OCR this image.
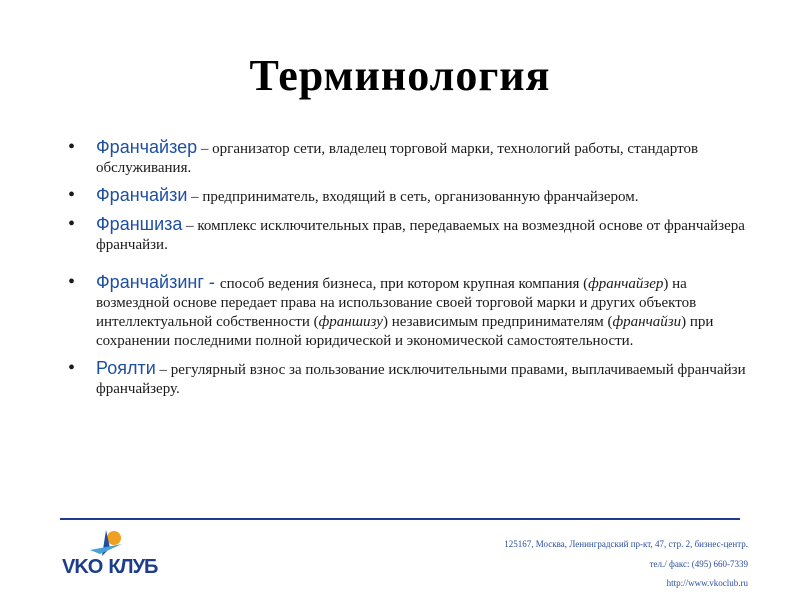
Терминология
• Франчайзер – организатор сети, владелец торговой марки, технологий работы, стандартов обслуживания.
• Франчайзи – предприниматель, входящий в сеть, организованную франчайзером.
• Франшиза – комплекс исключительных прав, передаваемых на возмездной основе от франчайзера франчайзи.
• Франчайзинг - способ ведения бизнеса, при котором крупная компания (франчайзер) на возмездной основе передает права на использование своей торговой марки и других объектов интеллектуальной собственности (франшизу) независимым предпринимателям (франчайзи) при сохранении последними полной юридической и экономической самостоятельности.
• Роялти – регулярный взнос за пользование исключительными правами, выплачиваемый франчайзи франчайзеру.
VKO КЛУБ
125167, Москва, Ленинградский пр-кт, 47, стр. 2, бизнес-центр.
тел./ факс: (495) 660-7339
http://www.vkoclub.ru
